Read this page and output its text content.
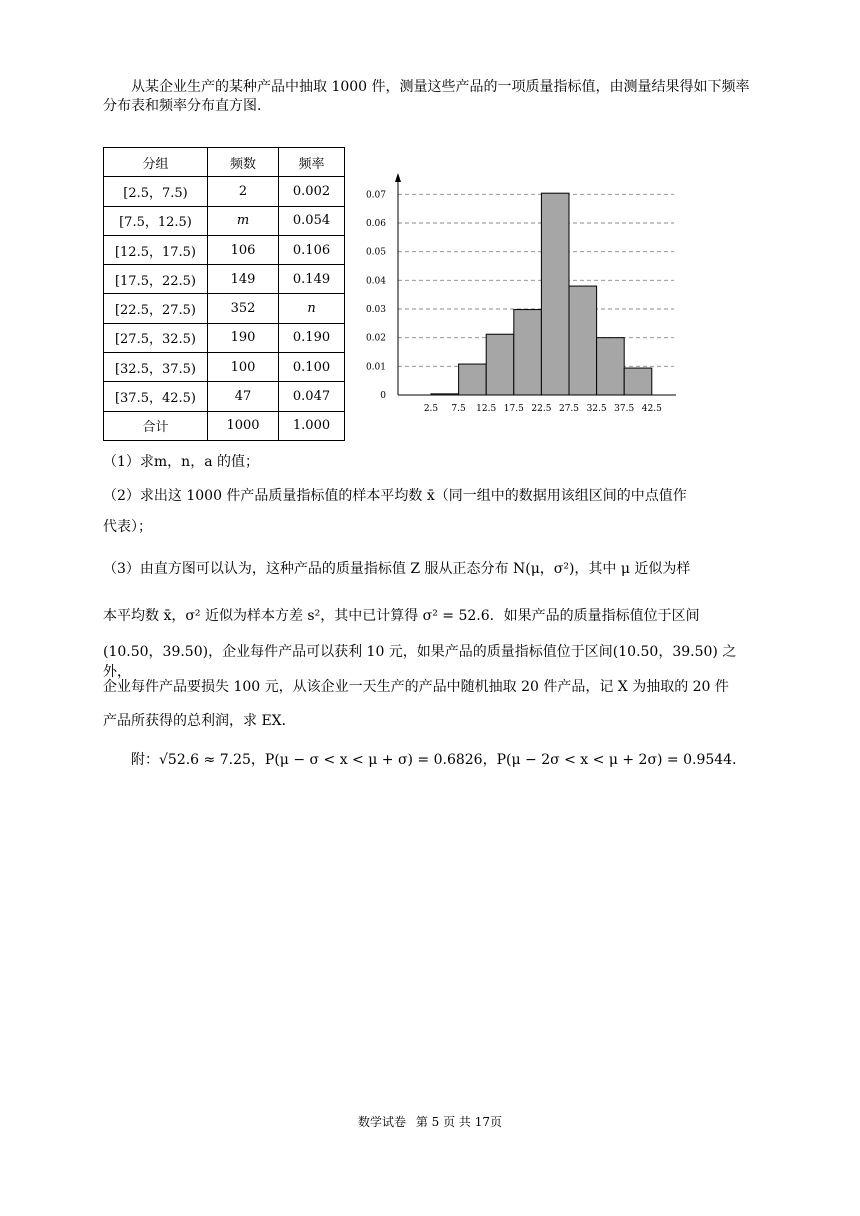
从某企业生产的某种产品中抽取 1000 件，测量这些产品的一项质量指标值，由测量结果得如下频率分布表和频率分布直方图．

分组	频数	频率
[2.5，7.5)	2	0.002
[7.5，12.5)	m	0.054
[12.5，17.5)	106	0.106
[17.5，22.5)	149	0.149
[22.5，27.5)	352	n
[27.5，32.5)	190	0.190
[32.5，37.5)	100	0.100
[37.5，42.5)	47	0.047
合计	1000	1.000
0
0.01
0.02
0.03
0.04
0.05
0.06
0.07
2.5 7.5 12.5 17.5 22.5 27.5 32.5 37.5 42.5
（1）求m，n，a 的值；
（2）求出这 1000 件产品质量指标值的样本平均数 x̄（同一组中的数据用该组区间的中点值作
代表）；
（3）由直方图可以认为，这种产品的质量指标值 Z 服从正态分布 N(μ，σ²)，其中 μ 近似为样
本平均数 x̄，σ² 近似为样本方差 s²，其中已计算得 σ² = 52.6．如果产品的质量指标值位于区间
(10.50，39.50)，企业每件产品可以获利 10 元，如果产品的质量指标值位于区间(10.50，39.50) 之外，
企业每件产品要损失 100 元，从该企业一天生产的产品中随机抽取 20 件产品，记 X 为抽取的 20 件
产品所获得的总利润，求 EX．
附：√52.6 ≈ 7.25，P(μ − σ < x < μ + σ) = 0.6826，P(μ − 2σ < x < μ + 2σ) = 0.9544．
数学试卷 第 5 页 共 17页
